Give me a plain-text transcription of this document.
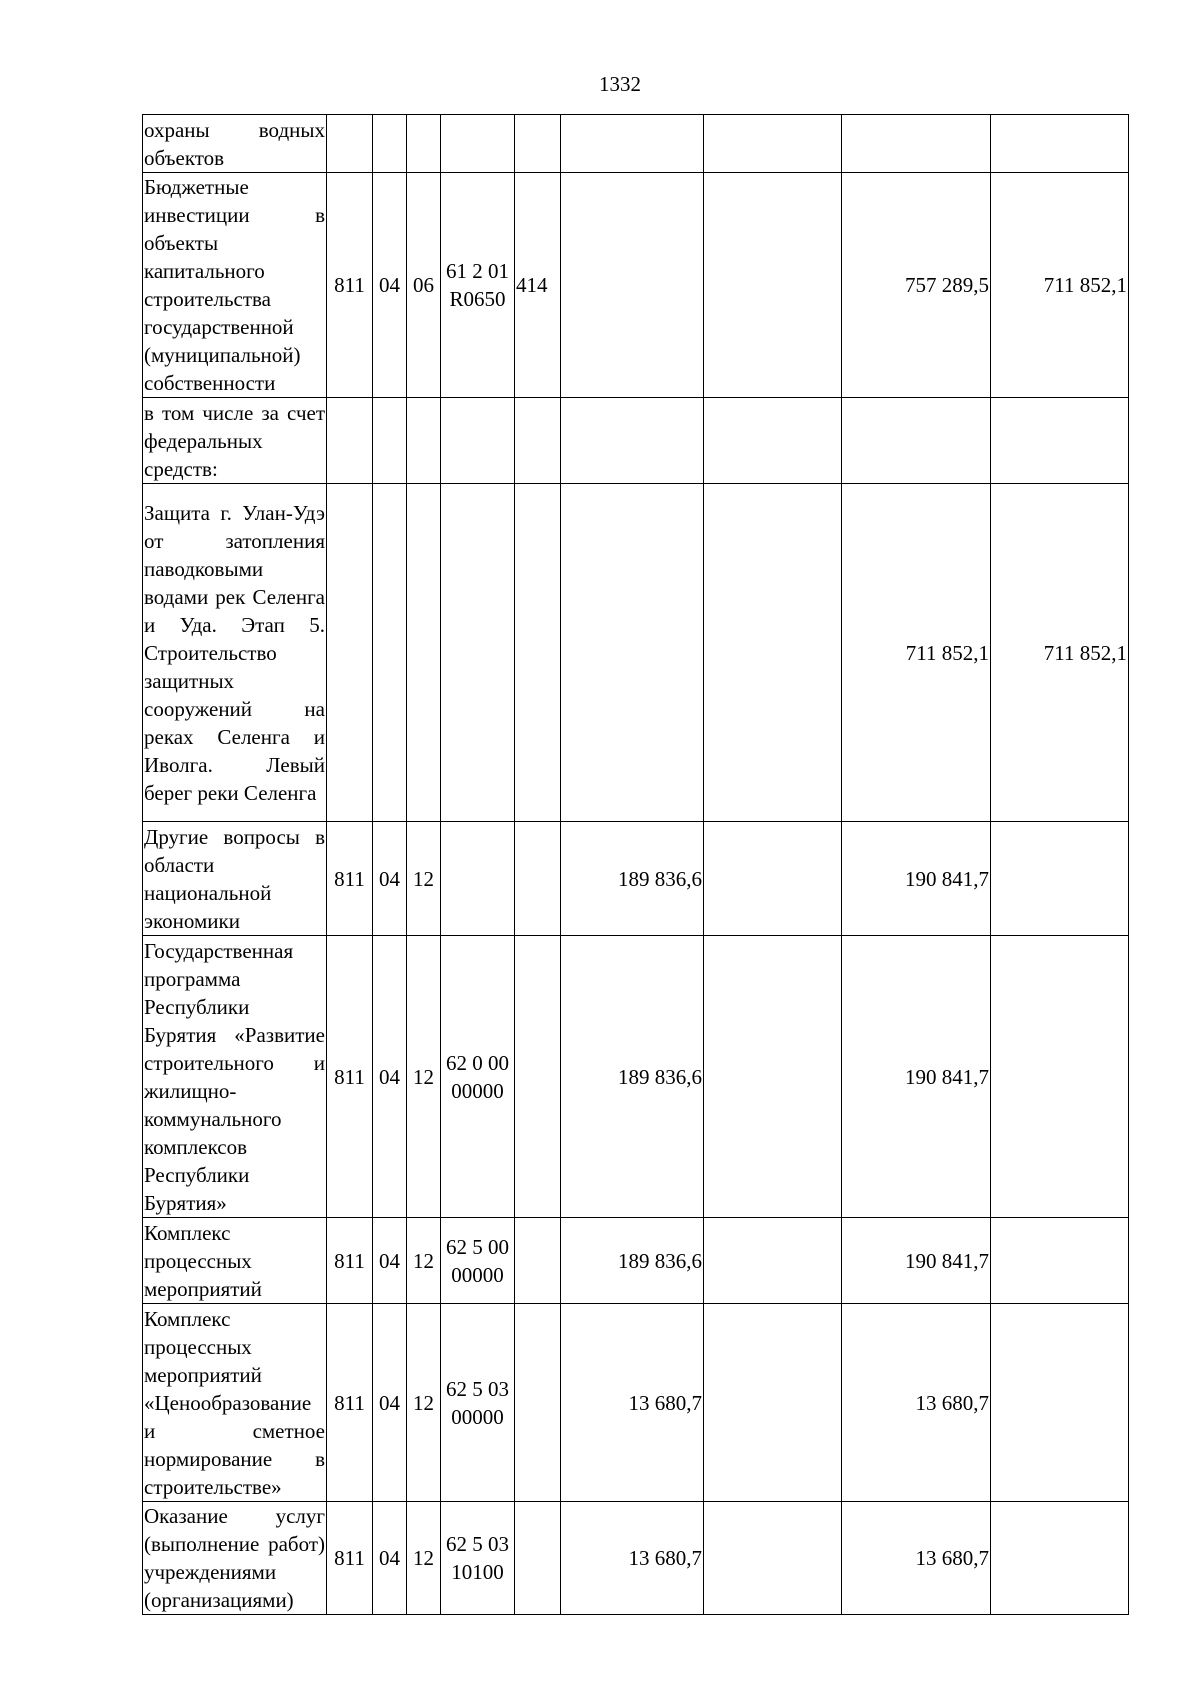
1332
охраны водных объектов									
Бюджетные инвестиции в объекты капитального строительства государственной (муниципальной) собственности	811	04	06	61 2 01 R0650	414			757 289,5	711 852,1
в том числе за счет федеральных средств:									
Защита г. Улан-Удэ от затопления паводковыми водами рек Селенга и Уда. Этап 5. Строительство защитных сооружений на реках Селенга и Иволга. Левый берег реки Селенга								711 852,1	711 852,1
Другие вопросы в области национальной экономики	811	04	12			189 836,6		190 841,7	
Государственная программа Республики Бурятия «Развитие строительного и жилищно-коммунального комплексов Республики Бурятия»	811	04	12	62 0 00 00000		189 836,6		190 841,7	
Комплекс процессных мероприятий	811	04	12	62 5 00 00000		189 836,6		190 841,7	
Комплекс процессных мероприятий «Ценообразование и сметное нормирование в строительстве»	811	04	12	62 5 03 00000		13 680,7		13 680,7	
Оказание услуг (выполнение работ) учреждениями (организациями)	811	04	12	62 5 03 10100		13 680,7		13 680,7	
